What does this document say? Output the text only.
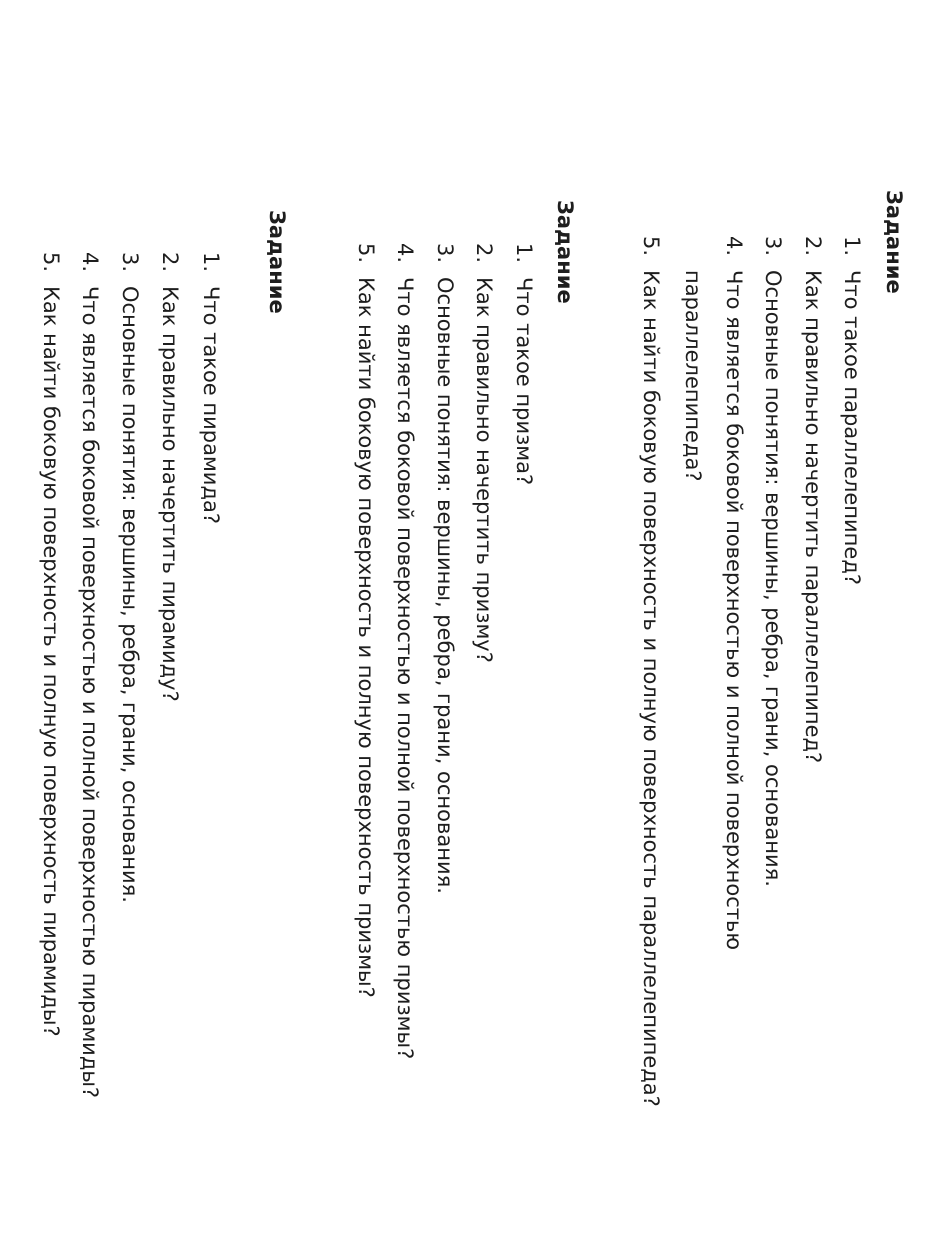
Задание
1.
Что такое параллелепипед?
2.
Как правильно начертить параллелепипед?
3.
Основные понятия: вершины, ребра, грани, основания.
4.
Что является боковой поверхностью и полной поверхностью
параллелепипеда?
5.
Как найти боковую поверхность и полную поверхность параллелепипеда?
Задание
1.
Что такое призма?
2.
Как правильно начертить призму?
3.
Основные понятия: вершины, ребра, грани, основания.
4.
Что является боковой поверхностью и полной поверхностью призмы?
5.
Как найти боковую поверхность и полную поверхность призмы?
Задание
1.
Что такое пирамида?
2.
Как правильно начертить пирамиду?
3.
Основные понятия: вершины, ребра, грани, основания.
4.
Что является боковой поверхностью и полной поверхностью пирамиды?
5.
Как найти боковую поверхность и полную поверхность пирамиды?
